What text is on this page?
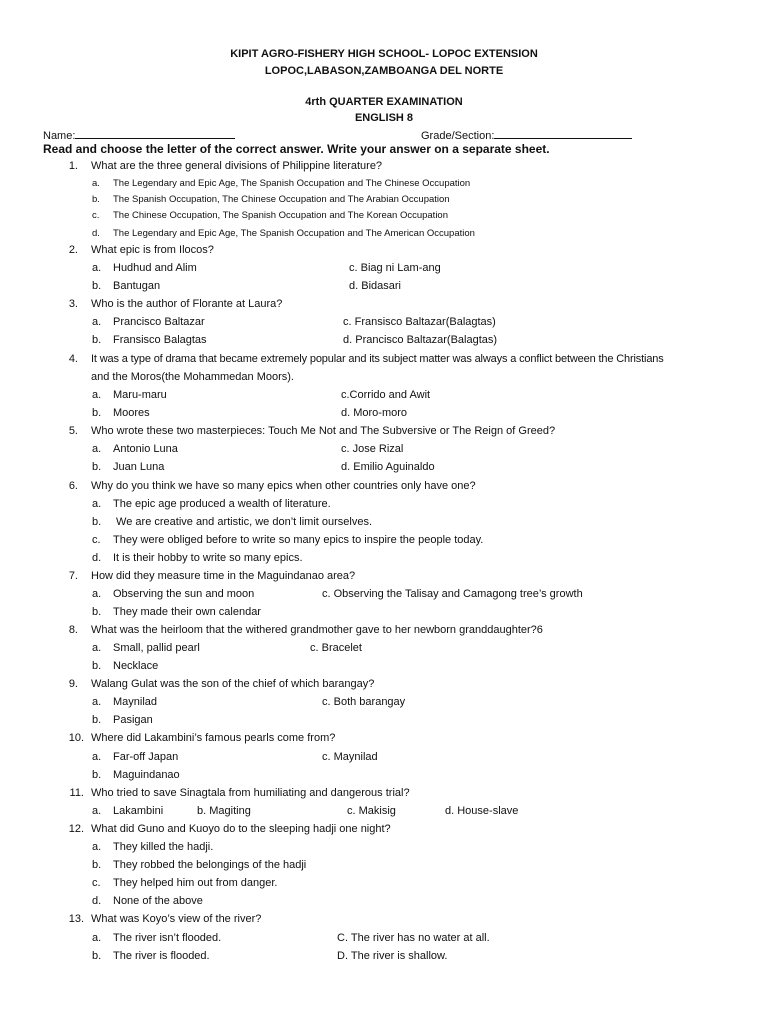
KIPIT AGRO-FISHERY HIGH SCHOOL- LOPOC EXTENSION
LOPOC,LABASON,ZAMBOANGA DEL NORTE
4rth QUARTER EXAMINATION
ENGLISH 8
Name:	Grade/Section:
Read and choose the letter of the correct answer. Write your answer on a separate sheet.
1. What are the three general divisions of Philippine literature?
a. The Legendary and Epic Age, The Spanish Occupation and The Chinese Occupation
b. The Spanish Occupation, The Chinese Occupation and The Arabian Occupation
c. The Chinese Occupation, The Spanish Occupation and The Korean Occupation
d. The Legendary and Epic Age, The Spanish Occupation and The American Occupation
2. What epic is from Ilocos?
a. Hudhud and Alim	c. Biag ni Lam-ang
b. Bantugan	d. Bidasari
3. Who is the author of Florante at Laura?
a. Prancisco Baltazar	c. Fransisco Baltazar(Balagtas)
b. Fransisco Balagtas	d. Prancisco Baltazar(Balagtas)
4. It was a type of drama that became extremely popular and its subject matter was always a conflict between the Christians
and the Moros(the Mohammedan Moors).
a. Maru-maru	c.Corrido and Awit
b. Moores	d. Moro-moro
5. Who wrote these two masterpieces: Touch Me Not and The Subversive or The Reign of Greed?
a. Antonio Luna	c. Jose Rizal
b. Juan Luna	d. Emilio Aguinaldo
6. Why do you think we have so many epics when other countries only have one?
a. The epic age produced a wealth of literature.
b. We are creative and artistic, we don’t limit ourselves.
c. They were obliged before to write so many epics to inspire the people today.
d. It is their hobby to write so many epics.
7. How did they measure time in the Maguindanao area?
a. Observing the sun and moon	c. Observing the Talisay and Camagong tree’s growth
b. They made their own calendar
8. What was the heirloom that the withered grandmother gave to her newborn granddaughter?6
a. Small, pallid pearl	c. Bracelet
b. Necklace
9. Walang Gulat was the son of the chief of which barangay?
a. Maynilad	c. Both barangay
b. Pasigan
10. Where did Lakambini’s famous pearls come from?
a. Far-off Japan	c. Maynilad
b. Maguindanao
11. Who tried to save Sinagtala from humiliating and dangerous trial?
a. Lakambini	b. Magiting	c. Makisig	d. House-slave
12. What did Guno and Kuoyo do to the sleeping hadji one night?
a. They killed the hadji.
b. They robbed the belongings of the hadji
c. They helped him out from danger.
d. None of the above
13. What was Koyo’s view of the river?
a. The river isn’t flooded.	C. The river has no water at all.
b. The river is flooded.	D. The river is shallow.
